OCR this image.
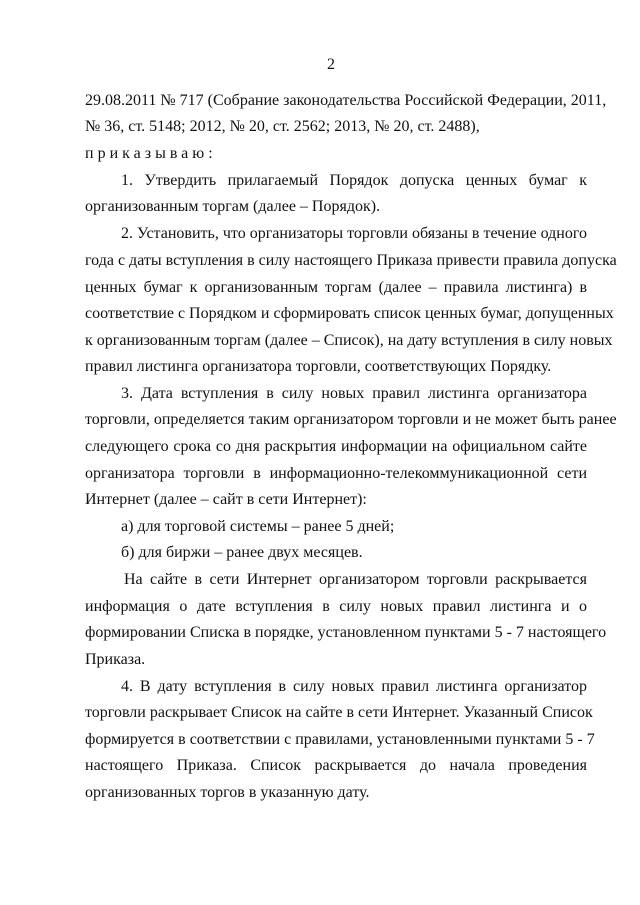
2
29.08.2011 № 717 (Собрание законодательства Российской Федерации, 2011,
№ 36, ст. 5148; 2012, № 20, ст. 2562; 2013, № 20, ст. 2488),
приказываю:
1. Утвердить прилагаемый Порядок допуска ценных бумаг к
организованным торгам (далее – Порядок).
2. Установить, что организаторы торговли обязаны в течение одного
года с даты вступления в силу настоящего Приказа привести правила допуска
ценных бумаг к организованным торгам (далее – правила листинга) в
соответствие с Порядком и сформировать список ценных бумаг, допущенных
к организованным торгам (далее – Список), на дату вступления в силу новых
правил листинга организатора торговли, соответствующих Порядку.
3. Дата вступления в силу новых правил листинга организатора
торговли, определяется таким организатором торговли и не может быть ранее
следующего срока со дня раскрытия информации на официальном сайте
организатора торговли в информационно-телекоммуникационной сети
Интернет (далее – сайт в сети Интернет):
а) для торговой системы – ранее 5 дней;
б) для биржи – ранее двух месяцев.
На сайте в сети Интернет организатором торговли раскрывается
информация о дате вступления в силу новых правил листинга и о
формировании Списка в порядке, установленном пунктами 5 - 7 настоящего
Приказа.
4. В дату вступления в силу новых правил листинга организатор
торговли раскрывает Список на сайте в сети Интернет. Указанный Список
формируется в соответствии с правилами, установленными пунктами 5 - 7
настоящего Приказа. Список раскрывается до начала проведения
организованных торгов в указанную дату.
